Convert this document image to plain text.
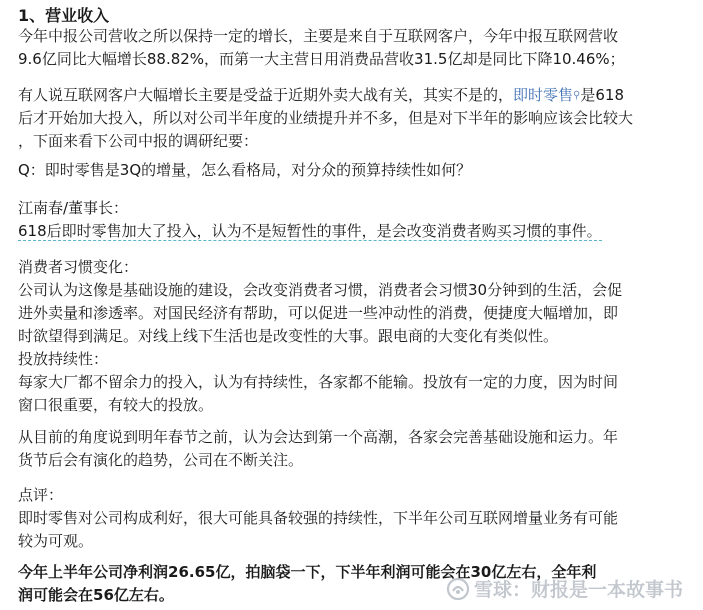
1、营业收入

今年中报公司营收之所以保持一定的增长，主要是来自于互联网客户，今年中报互联网营收
9.6亿同比大幅增长88.82%，而第一大主营日用消费品营收31.5亿却是同比下降10.46%；

有人说互联网客户大幅增长主要是受益于近期外卖大战有关，其实不是的，即时零售⚲是618
后才开始加大投入，所以对公司半年度的业绩提升并不多，但是对下半年的影响应该会比较大
，下面来看下公司中报的调研纪要：

Q：即时零售是3Q的增量，怎么看格局，对分众的预算持续性如何？

江南春/董事长：
618后即时零售加大了投入，认为不是短暂性的事件，是会改变消费者购买习惯的事件。

消费者习惯变化：
公司认为这像是基础设施的建设，会改变消费者习惯，消费者会习惯30分钟到的生活，会促
进外卖量和渗透率。对国民经济有帮助，可以促进一些冲动性的消费，便捷度大幅增加，即
时欲望得到满足。对线上线下生活也是改变性的大事。跟电商的大变化有类似性。

投放持续性：
每家大厂都不留余力的投入，认为有持续性，各家都不能输。投放有一定的力度，因为时间
窗口很重要，有较大的投放。

从目前的角度说到明年春节之前，认为会达到第一个高潮，各家会完善基础设施和运力。年
货节后会有演化的趋势，公司在不断关注。

点评：
即时零售对公司构成利好，很大可能具备较强的持续性，下半年公司互联网增量业务有可能
较为可观。

今年上半年公司净利润26.65亿，拍脑袋一下，下半年利润可能会在30亿左右，全年利
润可能会在56亿左右。	雪球：财报是一本故事书
